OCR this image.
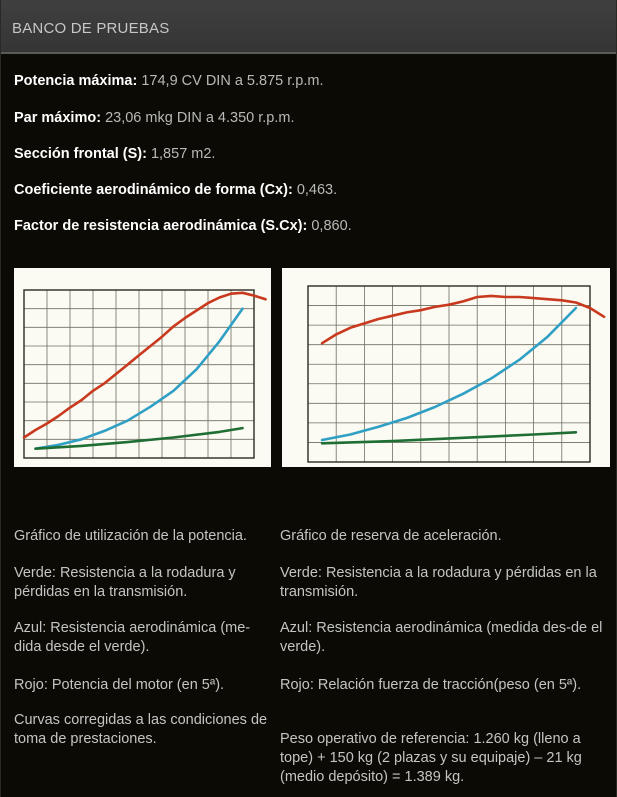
BANCO DE PRUEBAS
Potencia máxima: 174,9 CV DIN a 5.875 r.p.m.
Par máximo: 23,06 mkg DIN a 4.350 r.p.m.
Sección frontal (S): 1,857 m2.
Coeficiente aerodinámico de forma (Cx): 0,463.
Factor de resistencia aerodinámica (S.Cx): 0,860.

Gráfico de utilización de la potencia.

Verde: Resistencia a la rodadura y pérdidas en la transmisión.

Azul: Resistencia aerodinámica (me-dida desde el verde).

Rojo: Potencia del motor (en 5ª).

Curvas corregidas a las condiciones de toma de prestaciones.

Gráfico de reserva de aceleración.

Verde: Resistencia a la rodadura y pérdidas en la transmisión.

Azul: Resistencia aerodinámica (medida des-de el verde).

Rojo: Relación fuerza de tracción(peso (en 5ª).

Peso operativo de referencia: 1.260 kg (lleno a tope) + 150 kg (2 plazas y su equipaje) – 21 kg (medio depósito) = 1.389 kg.
